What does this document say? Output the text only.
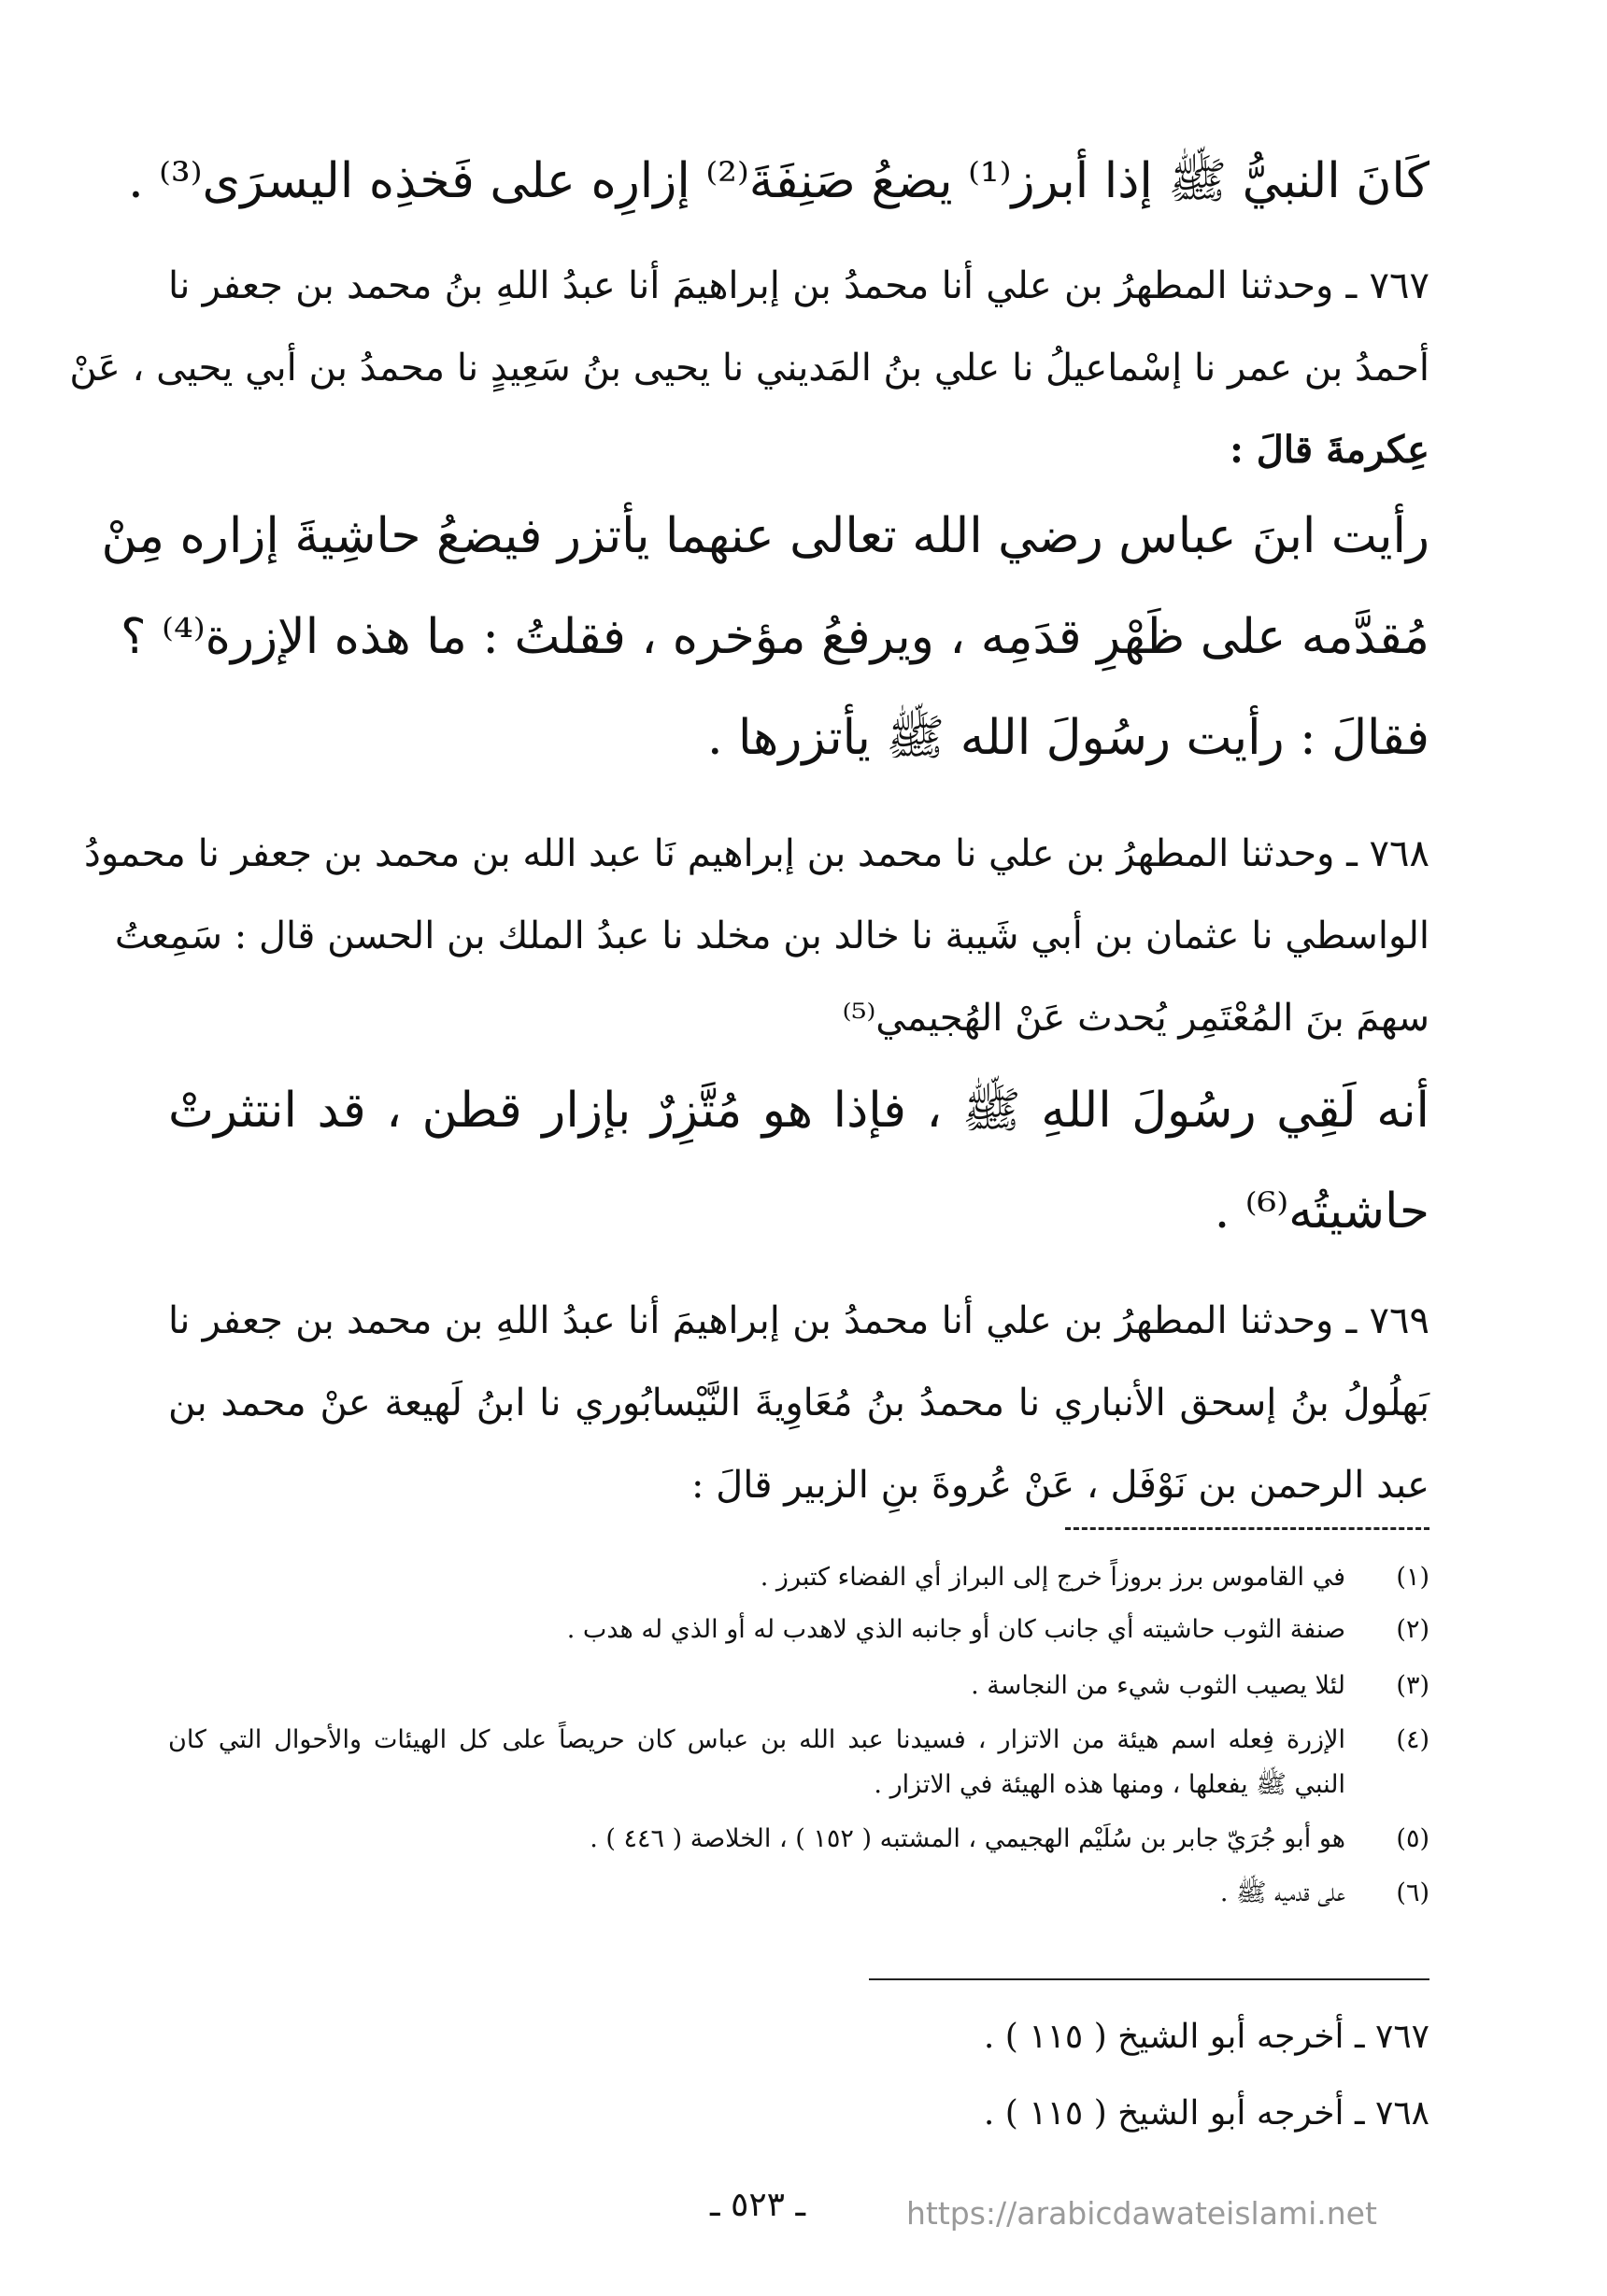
كَانَ النبيُّ ﷺ إذا أبرز⁽¹⁾ يضعُ صَنِفَةَ⁽²⁾ إزارِه على فَخذِه اليسرَى⁽³⁾ .
٧٦٧ ـ وحدثنا المطهرُ بن علي أنا محمدُ بن إبراهيمَ أنا عبدُ اللهِ بنُ محمد بن جعفر نا
أحمدُ بن عمر نا إسْماعيلُ نا علي بنُ المَديني نا يحيى بنُ سَعِيدٍ نا محمدُ بن أبي يحيى ، عَنْ
عِكرمةَ قالَ :
رأيت ابنَ عباس رضي الله تعالى عنهما يأتزر فيضعُ حاشِيةَ إزاره مِنْ
مُقدَّمه على ظَهْرِ قدَمِه ، ويرفعُ مؤخره ، فقلتُ : ما هذه الإزرة⁽⁴⁾ ؟
فقالَ : رأيت رسُولَ الله ﷺ يأتزرها .
٧٦٨ ـ وحدثنا المطهرُ بن علي نا محمد بن إبراهيم نَا عبد الله بن محمد بن جعفر نا محمودُ
الواسطي نا عثمان بن أبي شَيبة نا خالد بن مخلد نا عبدُ الملك بن الحسن قال : سَمِعتُ
سهمَ بنَ المُعْتَمِر يُحدث عَنْ الهُجيمي⁽⁵⁾
أنه لَقِي رسُولَ اللهِ ﷺ ، فإذا هو مُتَّزِرٌ بإزار قطن ، قد انتثرتْ
حاشيتُه⁽⁶⁾ .
٧٦٩ ـ وحدثنا المطهرُ بن علي أنا محمدُ بن إبراهيمَ أنا عبدُ اللهِ بن محمد بن جعفر نا
بَهلُولُ بنُ إسحق الأنباري نا محمدُ بنُ مُعَاوِيةَ النَّيْسابُوري نا ابنُ لَهيعة عنْ محمد بن
عبد الرحمن بن نَوْفَل ، عَنْ عُروةَ بنِ الزبير قالَ :
(١)
في القاموس برز بروزاً خرج إلى البراز أي الفضاء كتبرز .
(٢)
صنفة الثوب حاشيته أي جانب كان أو جانبه الذي لاهدب له أو الذي له هدب .
(٣)
لئلا يصيب الثوب شيء من النجاسة .
(٤)
الإزرة فِعله اسم هيئة من الاتزار ، فسيدنا عبد الله بن عباس كان حريصاً على كل الهيئات والأحوال التي كان
النبي ﷺ يفعلها ، ومنها هذه الهيئة في الاتزار .
(٥)
هو أبو جُرَيّ جابر بن سُلَيْم الهجيمي ، المشتبه ( ١٥٢ ) ، الخلاصة ( ٤٤٦ ) .
(٦)
على قدميه ﷺ .
٧٦٧ ـ أخرجه أبو الشيخ ( ١١٥ ) .
٧٦٨ ـ أخرجه أبو الشيخ ( ١١٥ ) .
ـ ٥٢٣ ـ	https://arabicdawateislami.net
